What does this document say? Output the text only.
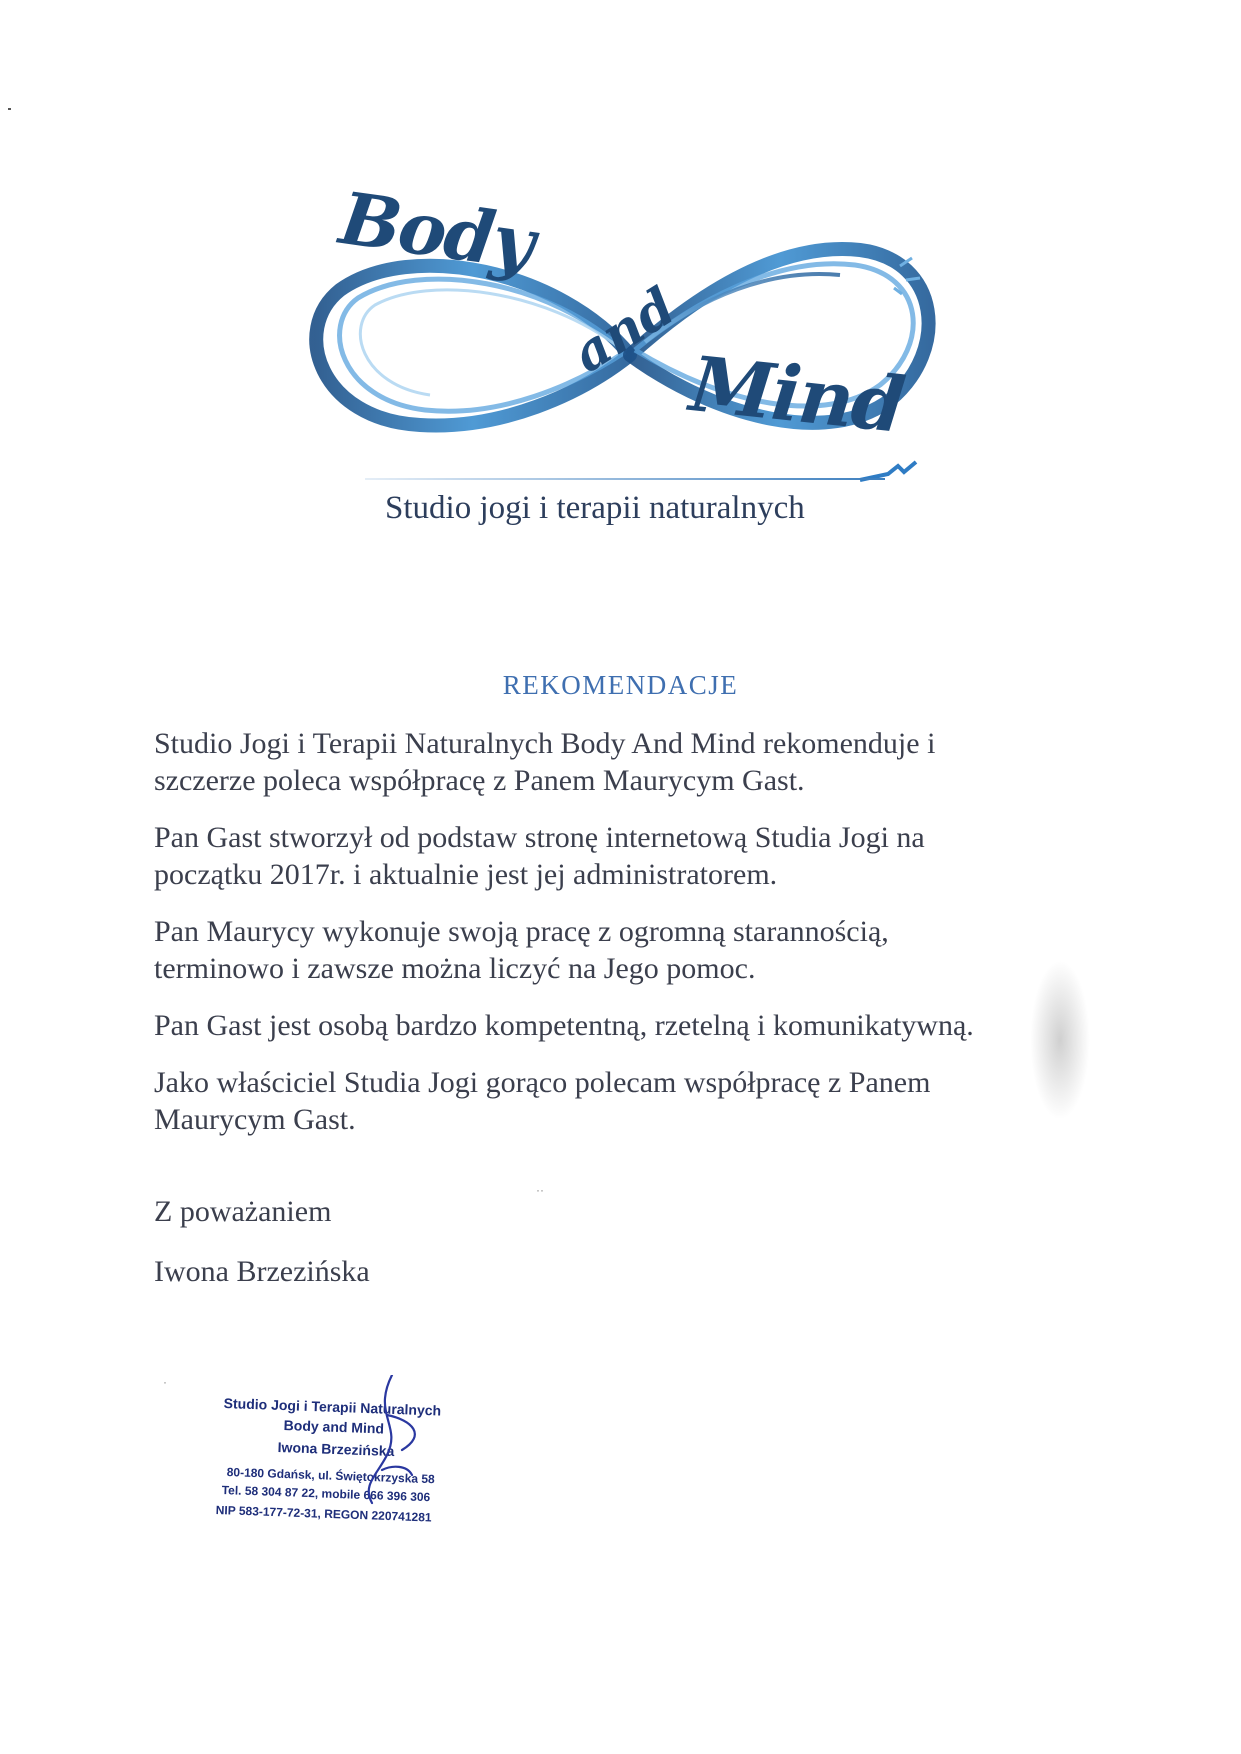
Body
and
Mind
Studio jogi i terapii naturalnych
REKOMENDACJE

Studio Jogi i Terapii Naturalnych Body And Mind rekomenduje i
szczerze poleca współpracę z Panem Maurycym Gast.

Pan Gast stworzył od podstaw stronę internetową Studia Jogi na
początku 2017r. i aktualnie jest jej administratorem.

Pan Maurycy wykonuje swoją pracę z ogromną starannością,
terminowo i zawsze można liczyć na Jego pomoc.

Pan Gast jest osobą bardzo kompetentną, rzetelną i komunikatywną.

Jako właściciel Studia Jogi gorąco polecam współpracę z Panem
Maurycym Gast.

Z poważaniem
Iwona Brzezińska
Studio Jogi i Terapii Naturalnych
Body and Mind
Iwona Brzezińska
80-180 Gdańsk, ul. Świętokrzyska 58
Tel. 58 304 87 22, mobile 666 396 306
NIP 583-177-72-31, REGON 220741281
··
·
